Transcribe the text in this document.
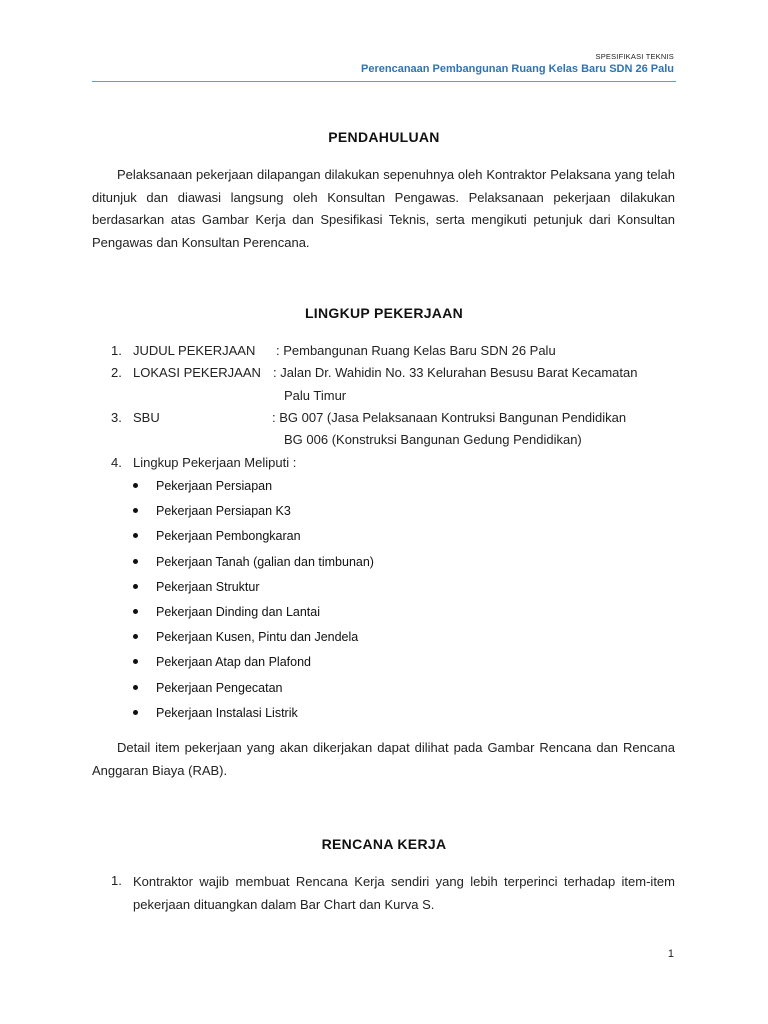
SPESIFIKASI TEKNIS
Perencanaan Pembangunan Ruang Kelas Baru SDN 26 Palu
PENDAHULUAN
Pelaksanaan pekerjaan dilapangan dilakukan sepenuhnya oleh Kontraktor Pelaksana yang telah ditunjuk dan diawasi langsung oleh Konsultan Pengawas. Pelaksanaan pekerjaan dilakukan berdasarkan atas Gambar Kerja dan Spesifikasi Teknis, serta mengikuti petunjuk dari Konsultan Pengawas dan Konsultan Perencana.
LINGKUP PEKERJAAN
1. JUDUL PEKERJAAN : Pembangunan Ruang Kelas Baru SDN 26 Palu
2. LOKASI PEKERJAAN : Jalan Dr. Wahidin No. 33 Kelurahan Besusu Barat Kecamatan
Palu Timur
3. SBU	: BG 007 (Jasa Pelaksanaan Kontruksi Bangunan Pendidikan
BG 006 (Konstruksi Bangunan Gedung Pendidikan)
4. Lingkup Pekerjaan Meliputi :
Pekerjaan Persiapan
Pekerjaan Persiapan K3
Pekerjaan Pembongkaran
Pekerjaan Tanah (galian dan timbunan)
Pekerjaan Struktur
Pekerjaan Dinding dan Lantai
Pekerjaan Kusen, Pintu dan Jendela
Pekerjaan Atap dan Plafond
Pekerjaan Pengecatan
Pekerjaan Instalasi Listrik
Detail item pekerjaan yang akan dikerjakan dapat dilihat pada Gambar Rencana dan Rencana Anggaran Biaya (RAB).
RENCANA KERJA
1. Kontraktor wajib membuat Rencana Kerja sendiri yang lebih terperinci terhadap item-item pekerjaan dituangkan dalam Bar Chart dan Kurva S.
1
